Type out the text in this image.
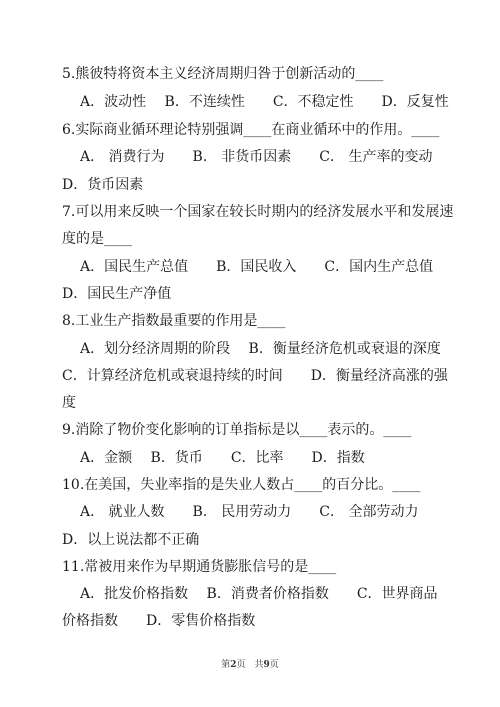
5.熊彼特将资本主义经济周期归咎于创新活动的____
A．波动性　 B．不连续性　　C．不稳定性　　D．反复性
6.实际商业循环理论特别强调____在商业循环中的作用。____
A． 消费行为　　B． 非货币因素　　C． 生产率的变动
D．货币因素
7.可以用来反映一个国家在较长时期内的经济发展水平和发展速
度的是____
A．国民生产总值　　B．国民收入　　C．国内生产总值
D．国民生产净值
8.工业生产指数最重要的作用是____
A．划分经济周期的阶段　 B．衡量经济危机或衰退的深度
C．计算经济危机或衰退持续的时间　　D．衡量经济高涨的强
度
9.消除了物价变化影响的订单指标是以____表示的。____
A．金额　 B．货币　　C．比率　　D．指数
10.在美国，失业率指的是失业人数占____的百分比。____
A． 就业人数　　B． 民用劳动力　　C． 全部劳动力
D．以上说法都不正确
11.常被用来作为早期通货膨胀信号的是____
A．批发价格指数　 B．消费者价格指数　　C．世界商品
价格指数　　D．零售价格指数
第2页　共9页
